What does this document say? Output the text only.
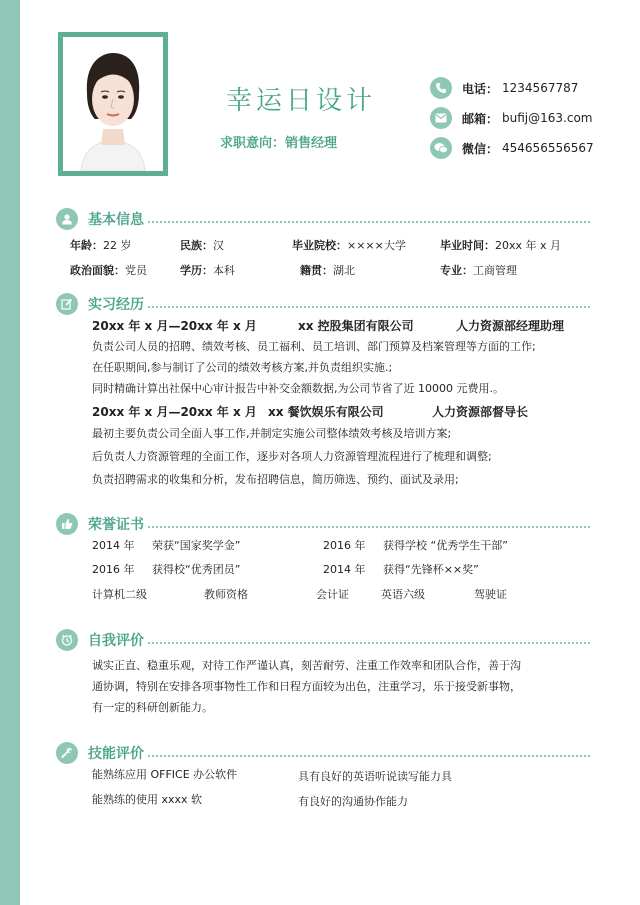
幸运日设计
求职意向：销售经理
电话： 1234567787
邮箱： bufij@163.com
微信： 454656556567
基本信息
年龄：22 岁	民族：汉	毕业院校：××××大学	毕业时间：20xx 年 x 月
政治面貌：党员	学历：本科	籍贯：湖北	专业：工商管理
实习经历
20xx 年 x 月—20xx 年 x 月	xx 控股集团有限公司	人力资源部经理助理
负责公司人员的招聘、绩效考核、员工福利、员工培训、部门预算及档案管理等方面的工作;
在任职期间,参与制订了公司的绩效考核方案,并负责组织实施.;
同时精确计算出社保中心审计报告中补交金额数据,为公司节省了近 10000 元费用.。
20xx 年 x 月—20xx 年 x 月 xx 餐饮娱乐有限公司	人力资源部督导长
最初主要负责公司全面人事工作,并制定实施公司整体绩效考核及培训方案;
后负责人力资源管理的全面工作，逐步对各项人力资源管理流程进行了梳理和调整;
负责招聘需求的收集和分析，发布招聘信息，简历筛选、预约、面试及录用;
荣誉证书
2014 年 荣获“国家奖学金”	2016 年 获得学校 “优秀学生干部”
2016 年 获得校“优秀团员”	2014 年 获得“先锋杯××奖”
计算机二级	教师资格	会计证	英语六级	驾驶证
自我评价
诚实正直、稳重乐观，对待工作严谨认真，刻苦耐劳、注重工作效率和团队合作，善于沟
通协调，特别在安排各项事物性工作和日程方面较为出色，注重学习，乐于接受新事物，
有一定的科研创新能力。
技能评价
能熟练应用 OFFICE 办公软件	具有良好的英语听说读写能力具
能熟练的使用 xxxx 软	有良好的沟通协作能力
